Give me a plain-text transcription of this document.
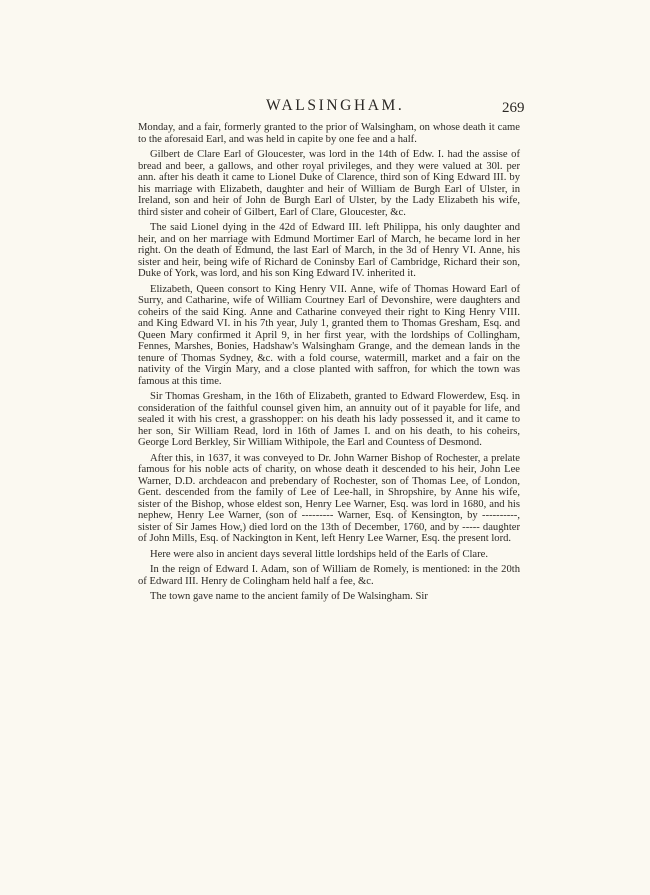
WALSINGHAM.	269

Monday, and a fair, formerly granted to the prior of Walsingham, on whose death it came to the aforesaid Earl, and was held in capite by one fee and a half.

Gilbert de Clare Earl of Gloucester, was lord in the 14th of Edw. I. had the assise of bread and beer, a gallows, and other royal privileges, and they were valued at 30l. per ann. after his death it came to Lionel Duke of Clarence, third son of King Edward III. by his marriage with Elizabeth, daughter and heir of William de Burgh Earl of Ulster, in Ireland, son and heir of John de Burgh Earl of Ulster, by the Lady Elizabeth his wife, third sister and coheir of Gilbert, Earl of Clare, Gloucester, &c.

The said Lionel dying in the 42d of Edward III. left Philippa, his only daughter and heir, and on her marriage with Edmund Mortimer Earl of March, he became lord in her right. On the death of Edmund, the last Earl of March, in the 3d of Henry VI. Anne, his sister and heir, being wife of Richard de Coninsby Earl of Cambridge, Richard their son, Duke of York, was lord, and his son King Edward IV. inherited it.

Elizabeth, Queen consort to King Henry VII. Anne, wife of Thomas Howard Earl of Surry, and Catharine, wife of William Courtney Earl of Devonshire, were daughters and coheirs of the said King. Anne and Catharine conveyed their right to King Henry VIII. and King Edward VI. in his 7th year, July 1, granted them to Thomas Gresham, Esq. and Queen Mary confirmed it April 9, in her first year, with the lordships of Collingham, Fennes, Marshes, Bonies, Hadshaw's Walsingham Grange, and the demean lands in the tenure of Thomas Sydney, &c. with a fold course, watermill, market and a fair on the nativity of the Virgin Mary, and a close planted with saffron, for which the town was famous at this time.

Sir Thomas Gresham, in the 16th of Elizabeth, granted to Edward Flowerdew, Esq. in consideration of the faithful counsel given him, an annuity out of it payable for life, and sealed it with his crest, a grasshopper: on his death his lady possessed it, and it came to her son, Sir William Read, lord in 16th of James I. and on his death, to his coheirs, George Lord Berkley, Sir William Withipole, the Earl and Countess of Desmond.

After this, in 1637, it was conveyed to Dr. John Warner Bishop of Rochester, a prelate famous for his noble acts of charity, on whose death it descended to his heir, John Lee Warner, D.D. archdeacon and prebendary of Rochester, son of Thomas Lee, of London, Gent. descended from the family of Lee of Lee-hall, in Shropshire, by Anne his wife, sister of the Bishop, whose eldest son, Henry Lee Warner, Esq. was lord in 1680, and his nephew, Henry Lee Warner, (son of --------- Warner, Esq. of Kensington, by ----------, sister of Sir James How,) died lord on the 13th of December, 1760, and by ----- daughter of John Mills, Esq. of Nackington in Kent, left Henry Lee Warner, Esq. the present lord.

Here were also in ancient days several little lordships held of the Earls of Clare.

In the reign of Edward I. Adam, son of William de Romely, is mentioned: in the 20th of Edward III. Henry de Colingham held half a fee, &c.

The town gave name to the ancient family of De Walsingham. Sir
